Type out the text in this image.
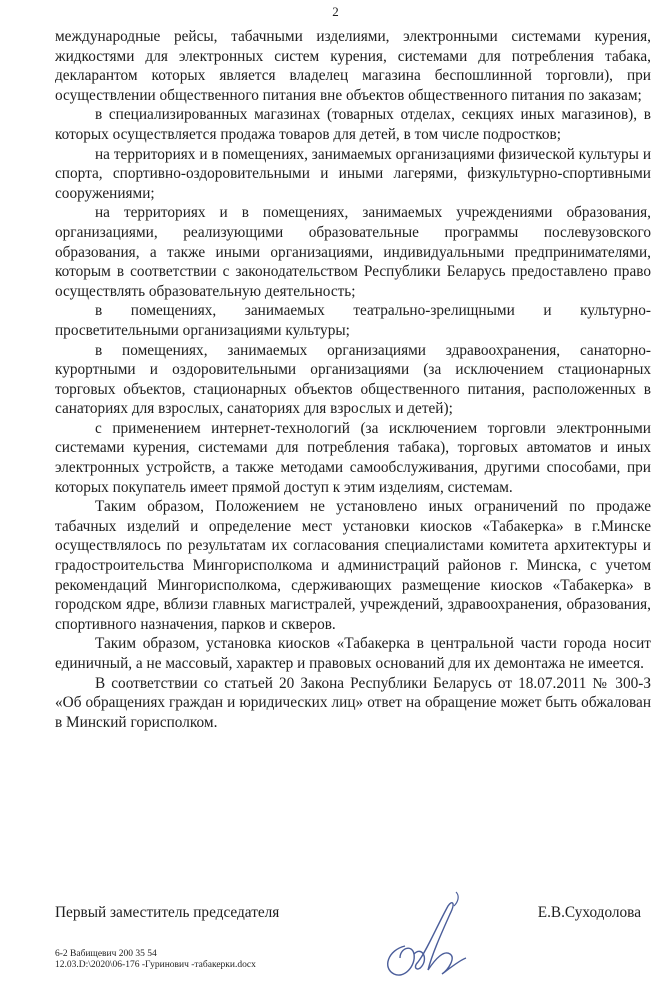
2

международные рейсы, табачными изделиями, электронными системами курения, жидкостями для электронных систем курения, системами для потребления табака, декларантом которых является владелец магазина беспошлинной торговли), при осуществлении общественного питания вне объектов общественного питания по заказам;

в специализированных магазинах (товарных отделах, секциях иных магазинов), в которых осуществляется продажа товаров для детей, в том числе подростков;

на территориях и в помещениях, занимаемых организациями физической культуры и спорта, спортивно-оздоровительными и иными лагерями, физкультурно-спортивными сооружениями;

на территориях и в помещениях, занимаемых учреждениями образования, организациями, реализующими образовательные программы послевузовского образования, а также иными организациями, индивидуальными предпринимателями, которым в соответствии с законодательством Республики Беларусь предоставлено право осуществлять образовательную деятельность;

в помещениях, занимаемых театрально-зрелищными и культурно-просветительными организациями культуры;

в помещениях, занимаемых организациями здравоохранения, санаторно-курортными и оздоровительными организациями (за исключением стационарных торговых объектов, стационарных объектов общественного питания, расположенных в санаториях для взрослых, санаториях для взрослых и детей);

с применением интернет-технологий (за исключением торговли электронными системами курения, системами для потребления табака), торговых автоматов и иных электронных устройств, а также методами самообслуживания, другими способами, при которых покупатель имеет прямой доступ к этим изделиям, системам.

Таким образом, Положением не установлено иных ограничений по продаже табачных изделий и определение мест установки киосков «Табакерка» в г.Минске осуществлялось по результатам их согласования специалистами комитета архитектуры и градостроительства Мингорисполкома и администраций районов г. Минска, с учетом рекомендаций Мингорисполкома, сдерживающих размещение киосков «Табакерка» в городском ядре, вблизи главных магистралей, учреждений, здравоохранения, образования, спортивного назначения, парков и скверов.

Таким образом, установка киосков «Табакерка в центральной части города носит единичный, а не массовый, характер и правовых оснований для их демонтажа не имеется.

В соответствии со статьей 20 Закона Республики Беларусь от 18.07.2011 № 300-З «Об обращениях граждан и юридических лиц» ответ на обращение может быть обжалован в Минский горисполком.

Первый заместитель председателя	Е.В.Суходолова
6-2 Вабищевич 200 35 54
12.03.D:\2020\06-176 -Гуринович -табакерки.docx
